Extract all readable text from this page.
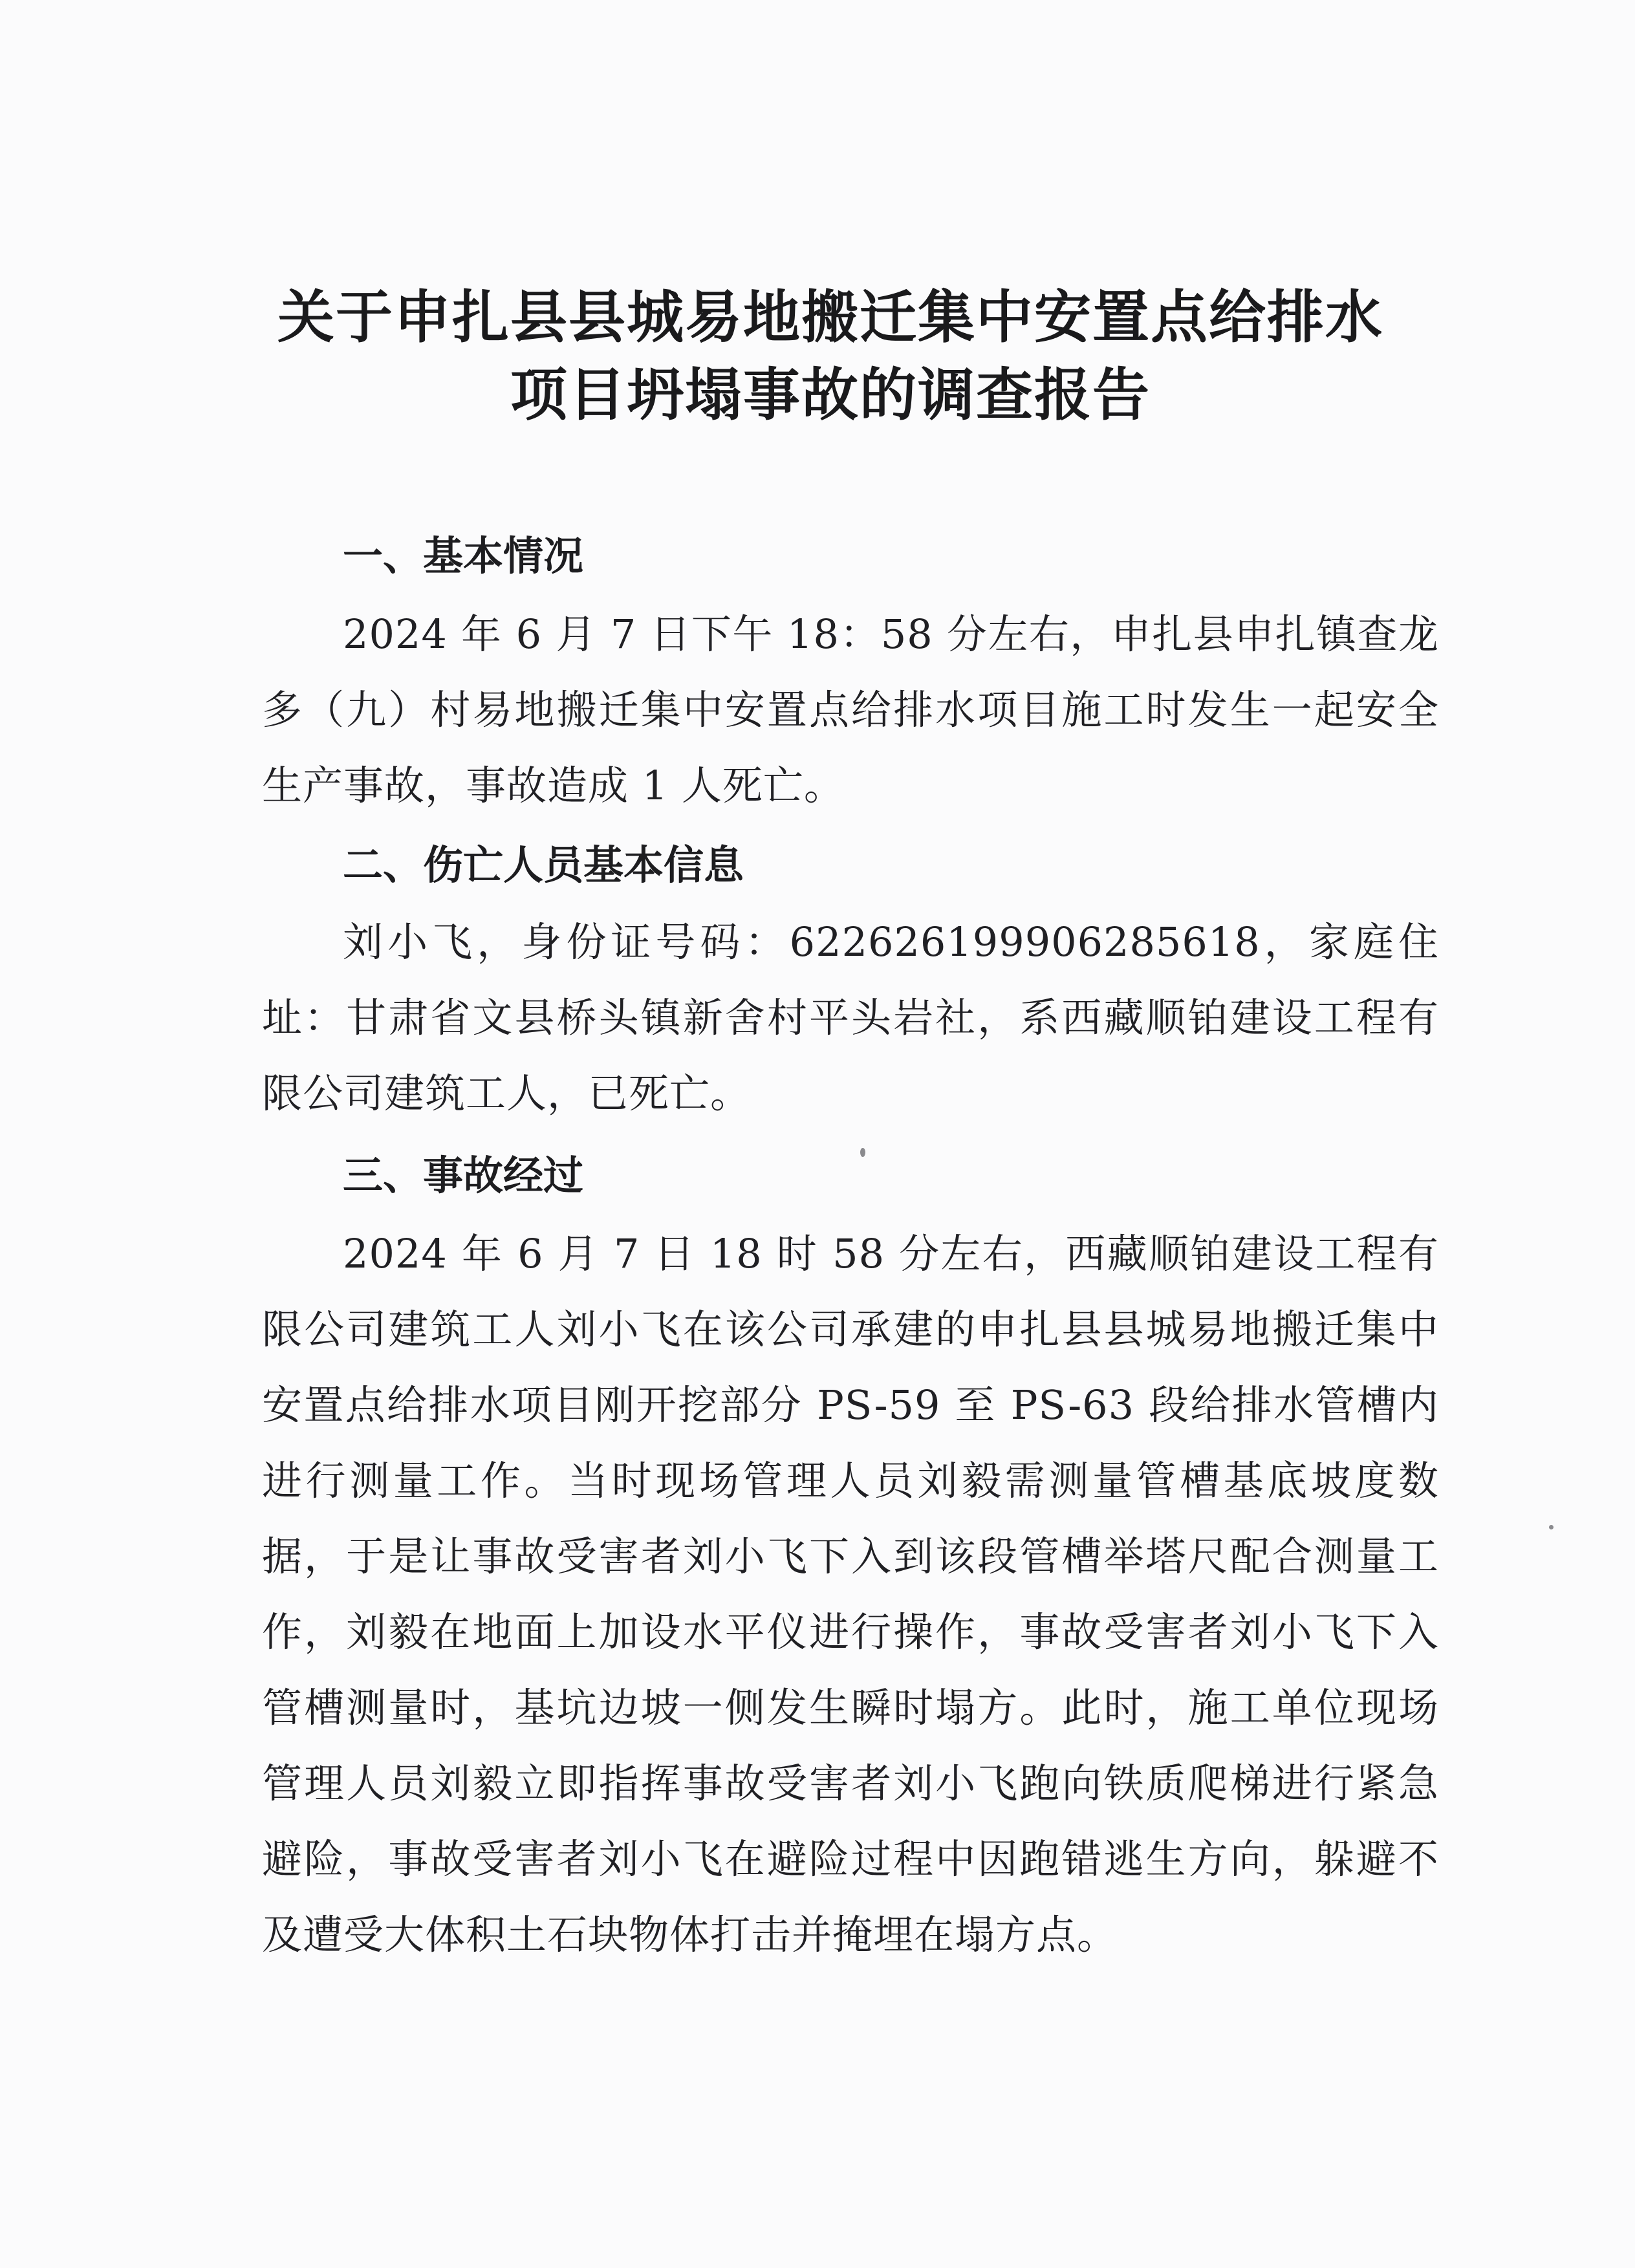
关于申扎县县城易地搬迁集中安置点给排水
项目坍塌事故的调查报告
一、基本情况
2024 年 6 月 7 日下午 18：58 分左右，申扎县申扎镇查龙多（九）村易地搬迁集中安置点给排水项目施工时发生一起安全生产事故，事故造成 1 人死亡。
二、伤亡人员基本信息
刘小飞，身份证号码：622626199906285618，家庭住址：甘肃省文县桥头镇新舍村平头岩社，系西藏顺铂建设工程有限公司建筑工人，已死亡。
三、事故经过
2024 年 6 月 7 日 18 时 58 分左右，西藏顺铂建设工程有限公司建筑工人刘小飞在该公司承建的申扎县县城易地搬迁集中安置点给排水项目刚开挖部分 PS-59 至 PS-63 段给排水管槽内进行测量工作。当时现场管理人员刘毅需测量管槽基底坡度数据，于是让事故受害者刘小飞下入到该段管槽举塔尺配合测量工作，刘毅在地面上加设水平仪进行操作，事故受害者刘小飞下入管槽测量时，基坑边坡一侧发生瞬时塌方。此时，施工单位现场管理人员刘毅立即指挥事故受害者刘小飞跑向铁质爬梯进行紧急避险，事故受害者刘小飞在避险过程中因跑错逃生方向，躲避不及遭受大体积土石块物体打击并掩埋在塌方点。
